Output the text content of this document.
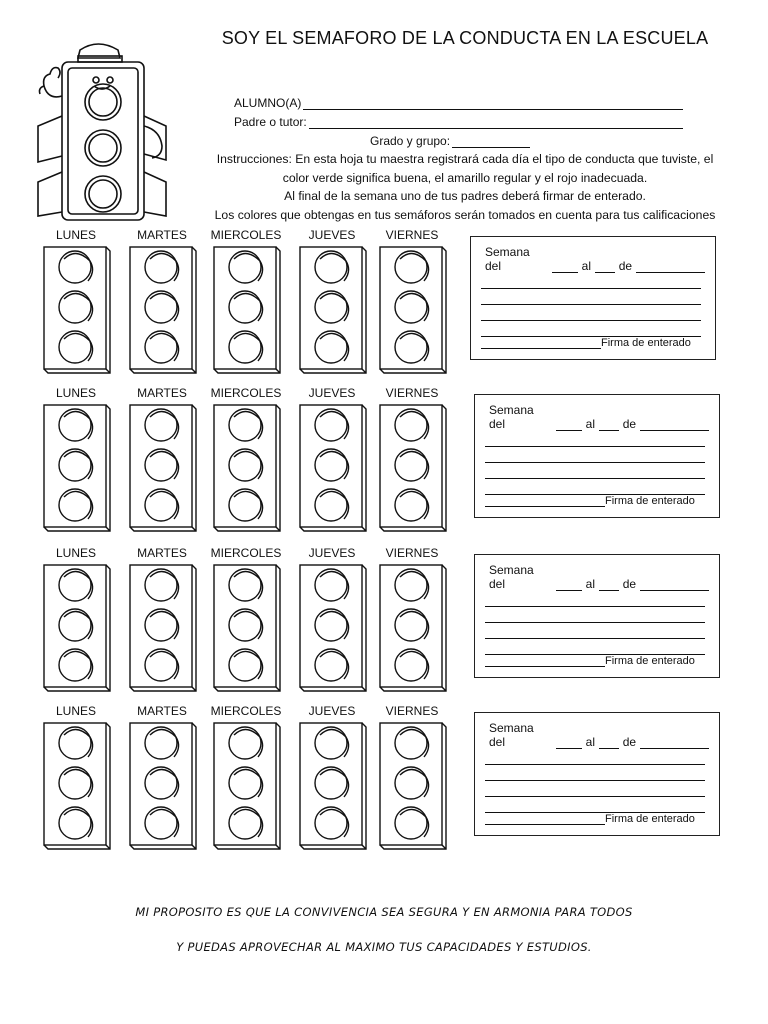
SOY EL SEMAFORO DE LA CONDUCTA EN LA ESCUELA
ALUMNO(A)
Padre o tutor:
Grado y grupo:
Instrucciones: En esta hoja tu maestra registrará cada día el tipo de conducta que tuviste, el
color verde significa buena, el amarillo regular y el rojo inadecuada.
Al final de la semana uno de tus padres deberá firmar de enterado.
Los colores que obtengas en tus semáforos serán tomados en cuenta para tus calificaciones
LUNES	MARTES	MIERCOLES	JUEVES	VIERNES
Semana del	al de
Firma de enterado
LUNES	MARTES	MIERCOLES	JUEVES	VIERNES
Semana del	al de
Firma de enterado
LUNES	MARTES	MIERCOLES	JUEVES	VIERNES
Semana del	al de
Firma de enterado
LUNES	MARTES	MIERCOLES	JUEVES	VIERNES
Semana del	al de
Firma de enterado
MI PROPOSITO ES QUE LA CONVIVENCIA SEA SEGURA Y EN ARMONIA PARA TODOS
Y PUEDAS APROVECHAR AL MAXIMO TUS CAPACIDADES Y ESTUDIOS.
